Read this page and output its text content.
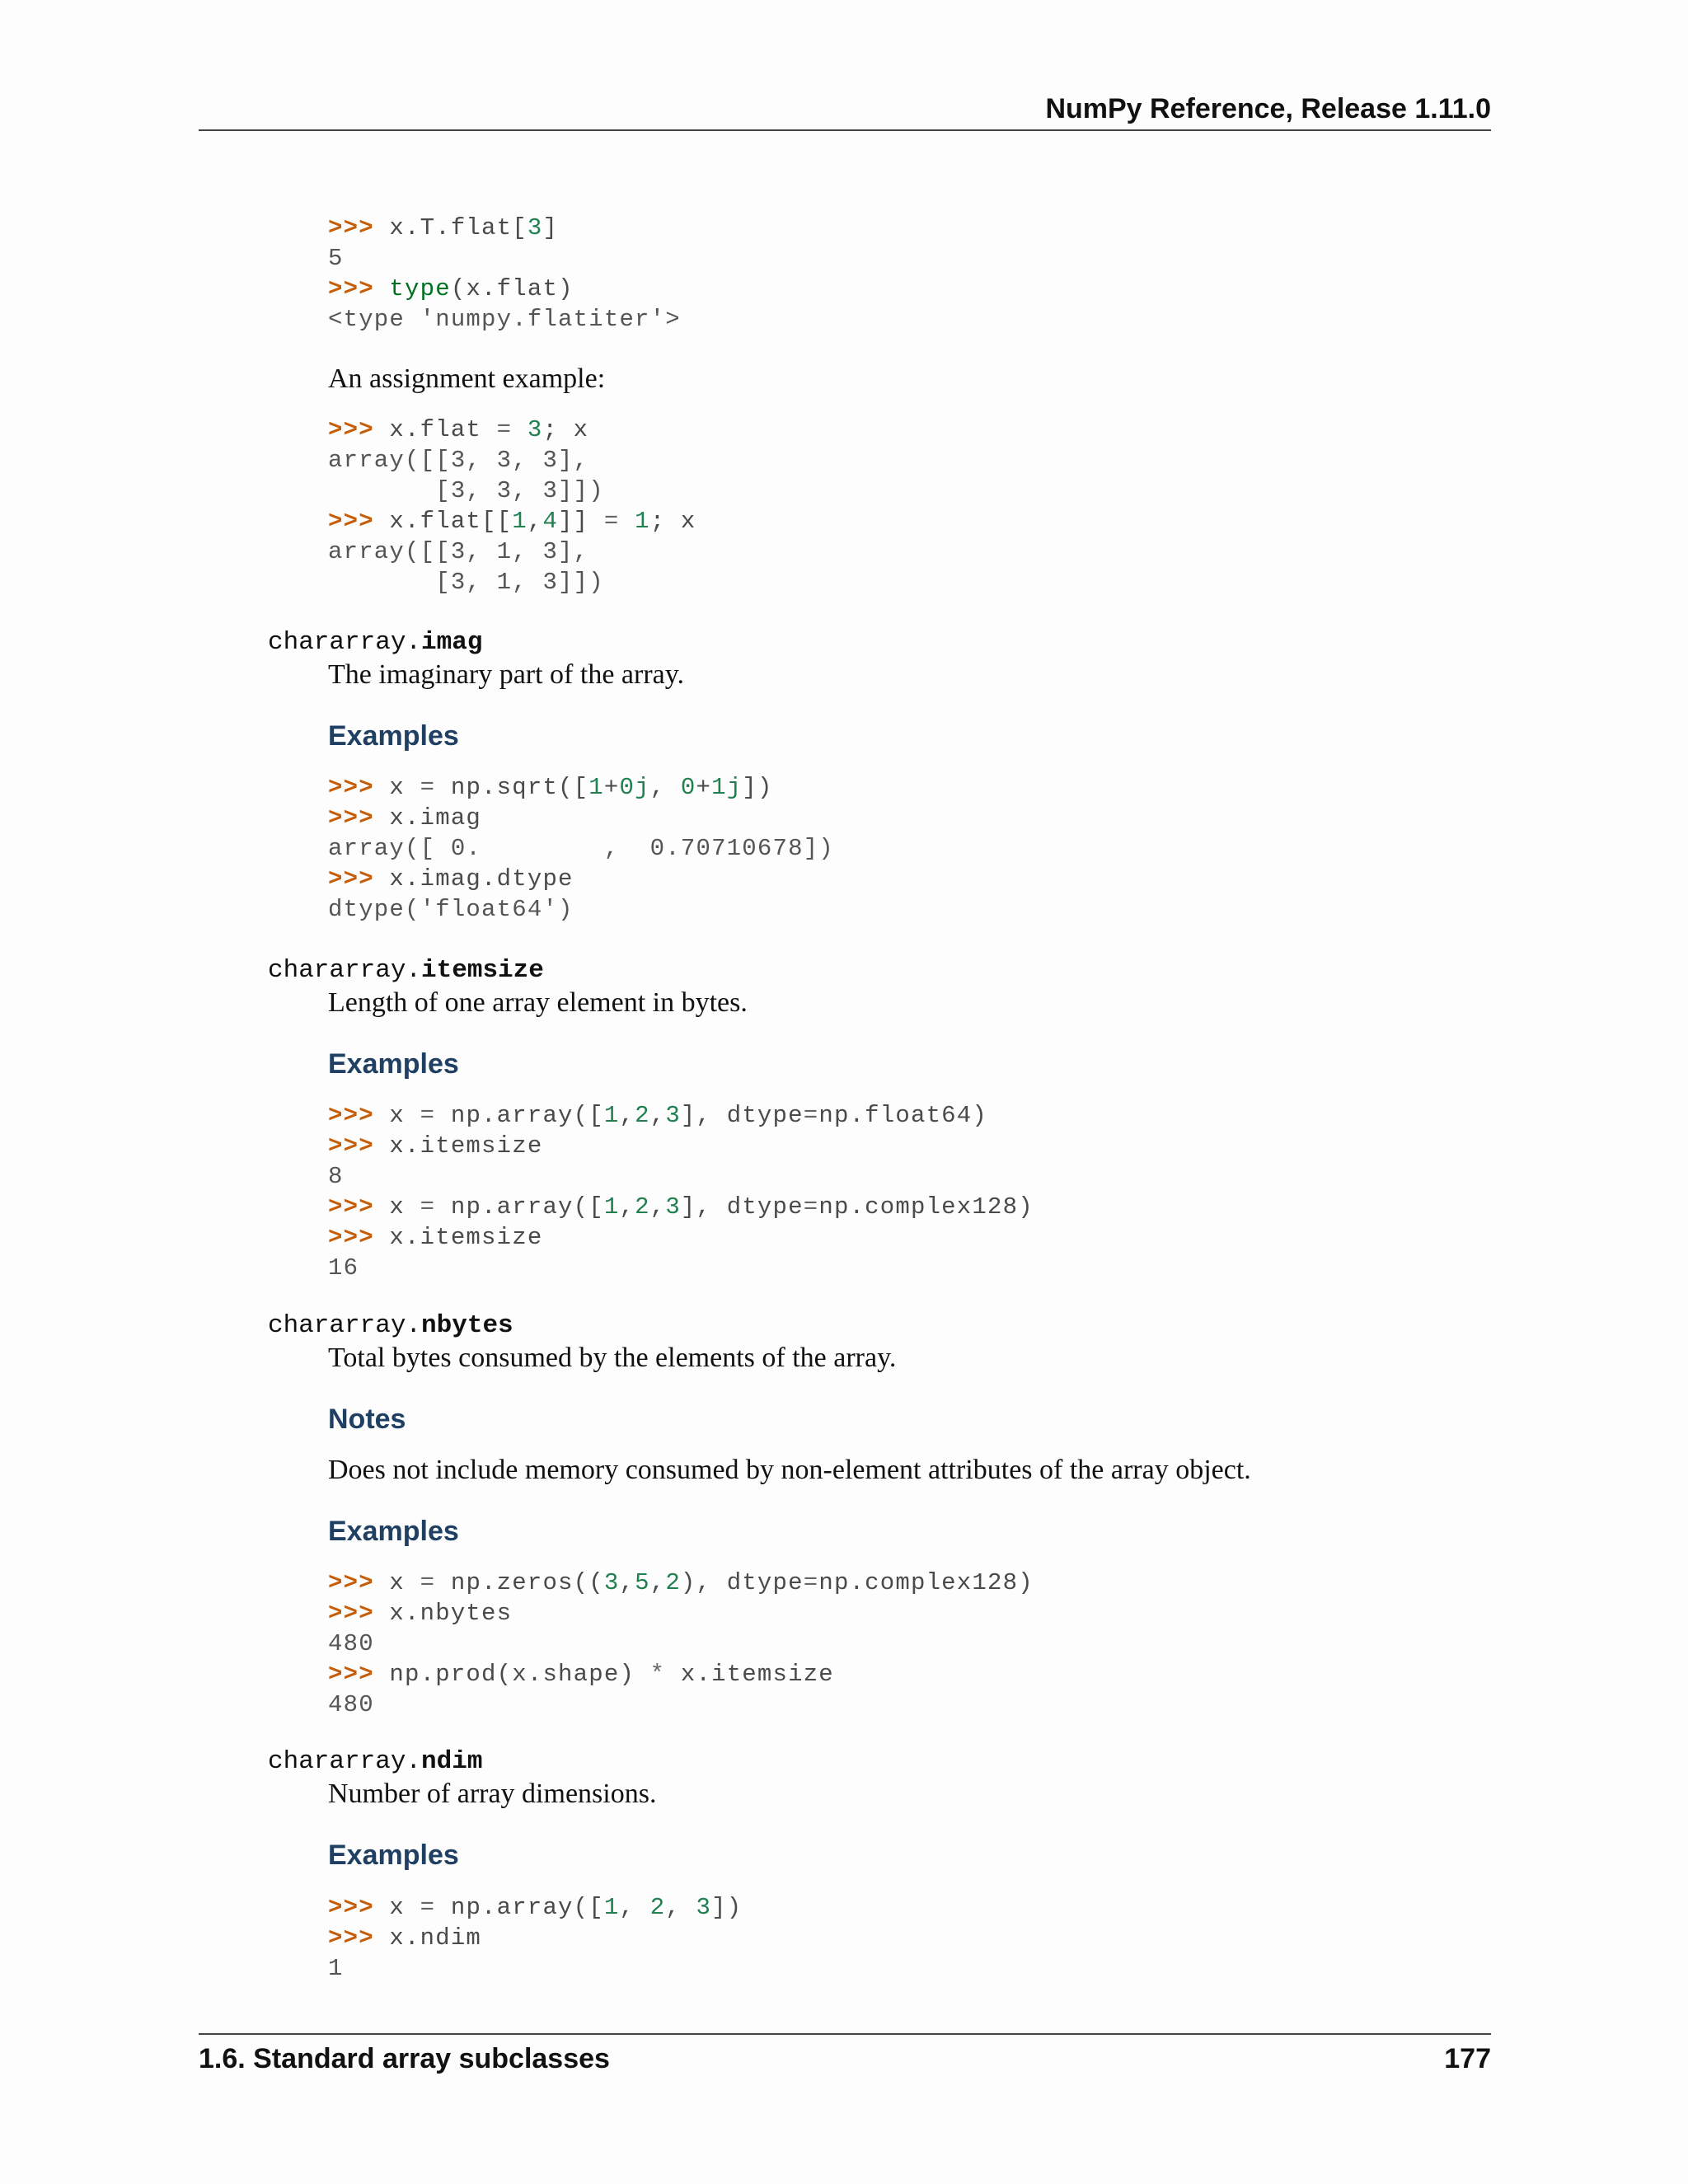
NumPy Reference, Release 1.11.0
>>> x.T.flat[3]
5
>>> type(x.flat)
<type 'numpy.flatiter'>
An assignment example:
>>> x.flat = 3; x
array([[3, 3, 3],
[3, 3, 3]])
>>> x.flat[[1,4]] = 1; x
array([[3, 1, 3],
[3, 1, 3]])
chararray.imag
The imaginary part of the array.
Examples
>>> x = np.sqrt([1+0j, 0+1j])
>>> x.imag
array([ 0.        ,  0.70710678])
>>> x.imag.dtype
dtype('float64')
chararray.itemsize
Length of one array element in bytes.
Examples
>>> x = np.array([1,2,3], dtype=np.float64)
>>> x.itemsize
8
>>> x = np.array([1,2,3], dtype=np.complex128)
>>> x.itemsize
16
chararray.nbytes
Total bytes consumed by the elements of the array.
Notes
Does not include memory consumed by non-element attributes of the array object.
Examples
>>> x = np.zeros((3,5,2), dtype=np.complex128)
>>> x.nbytes
480
>>> np.prod(x.shape) * x.itemsize
480
chararray.ndim
Number of array dimensions.
Examples
>>> x = np.array([1, 2, 3])
>>> x.ndim
1
1.6. Standard array subclasses	177
